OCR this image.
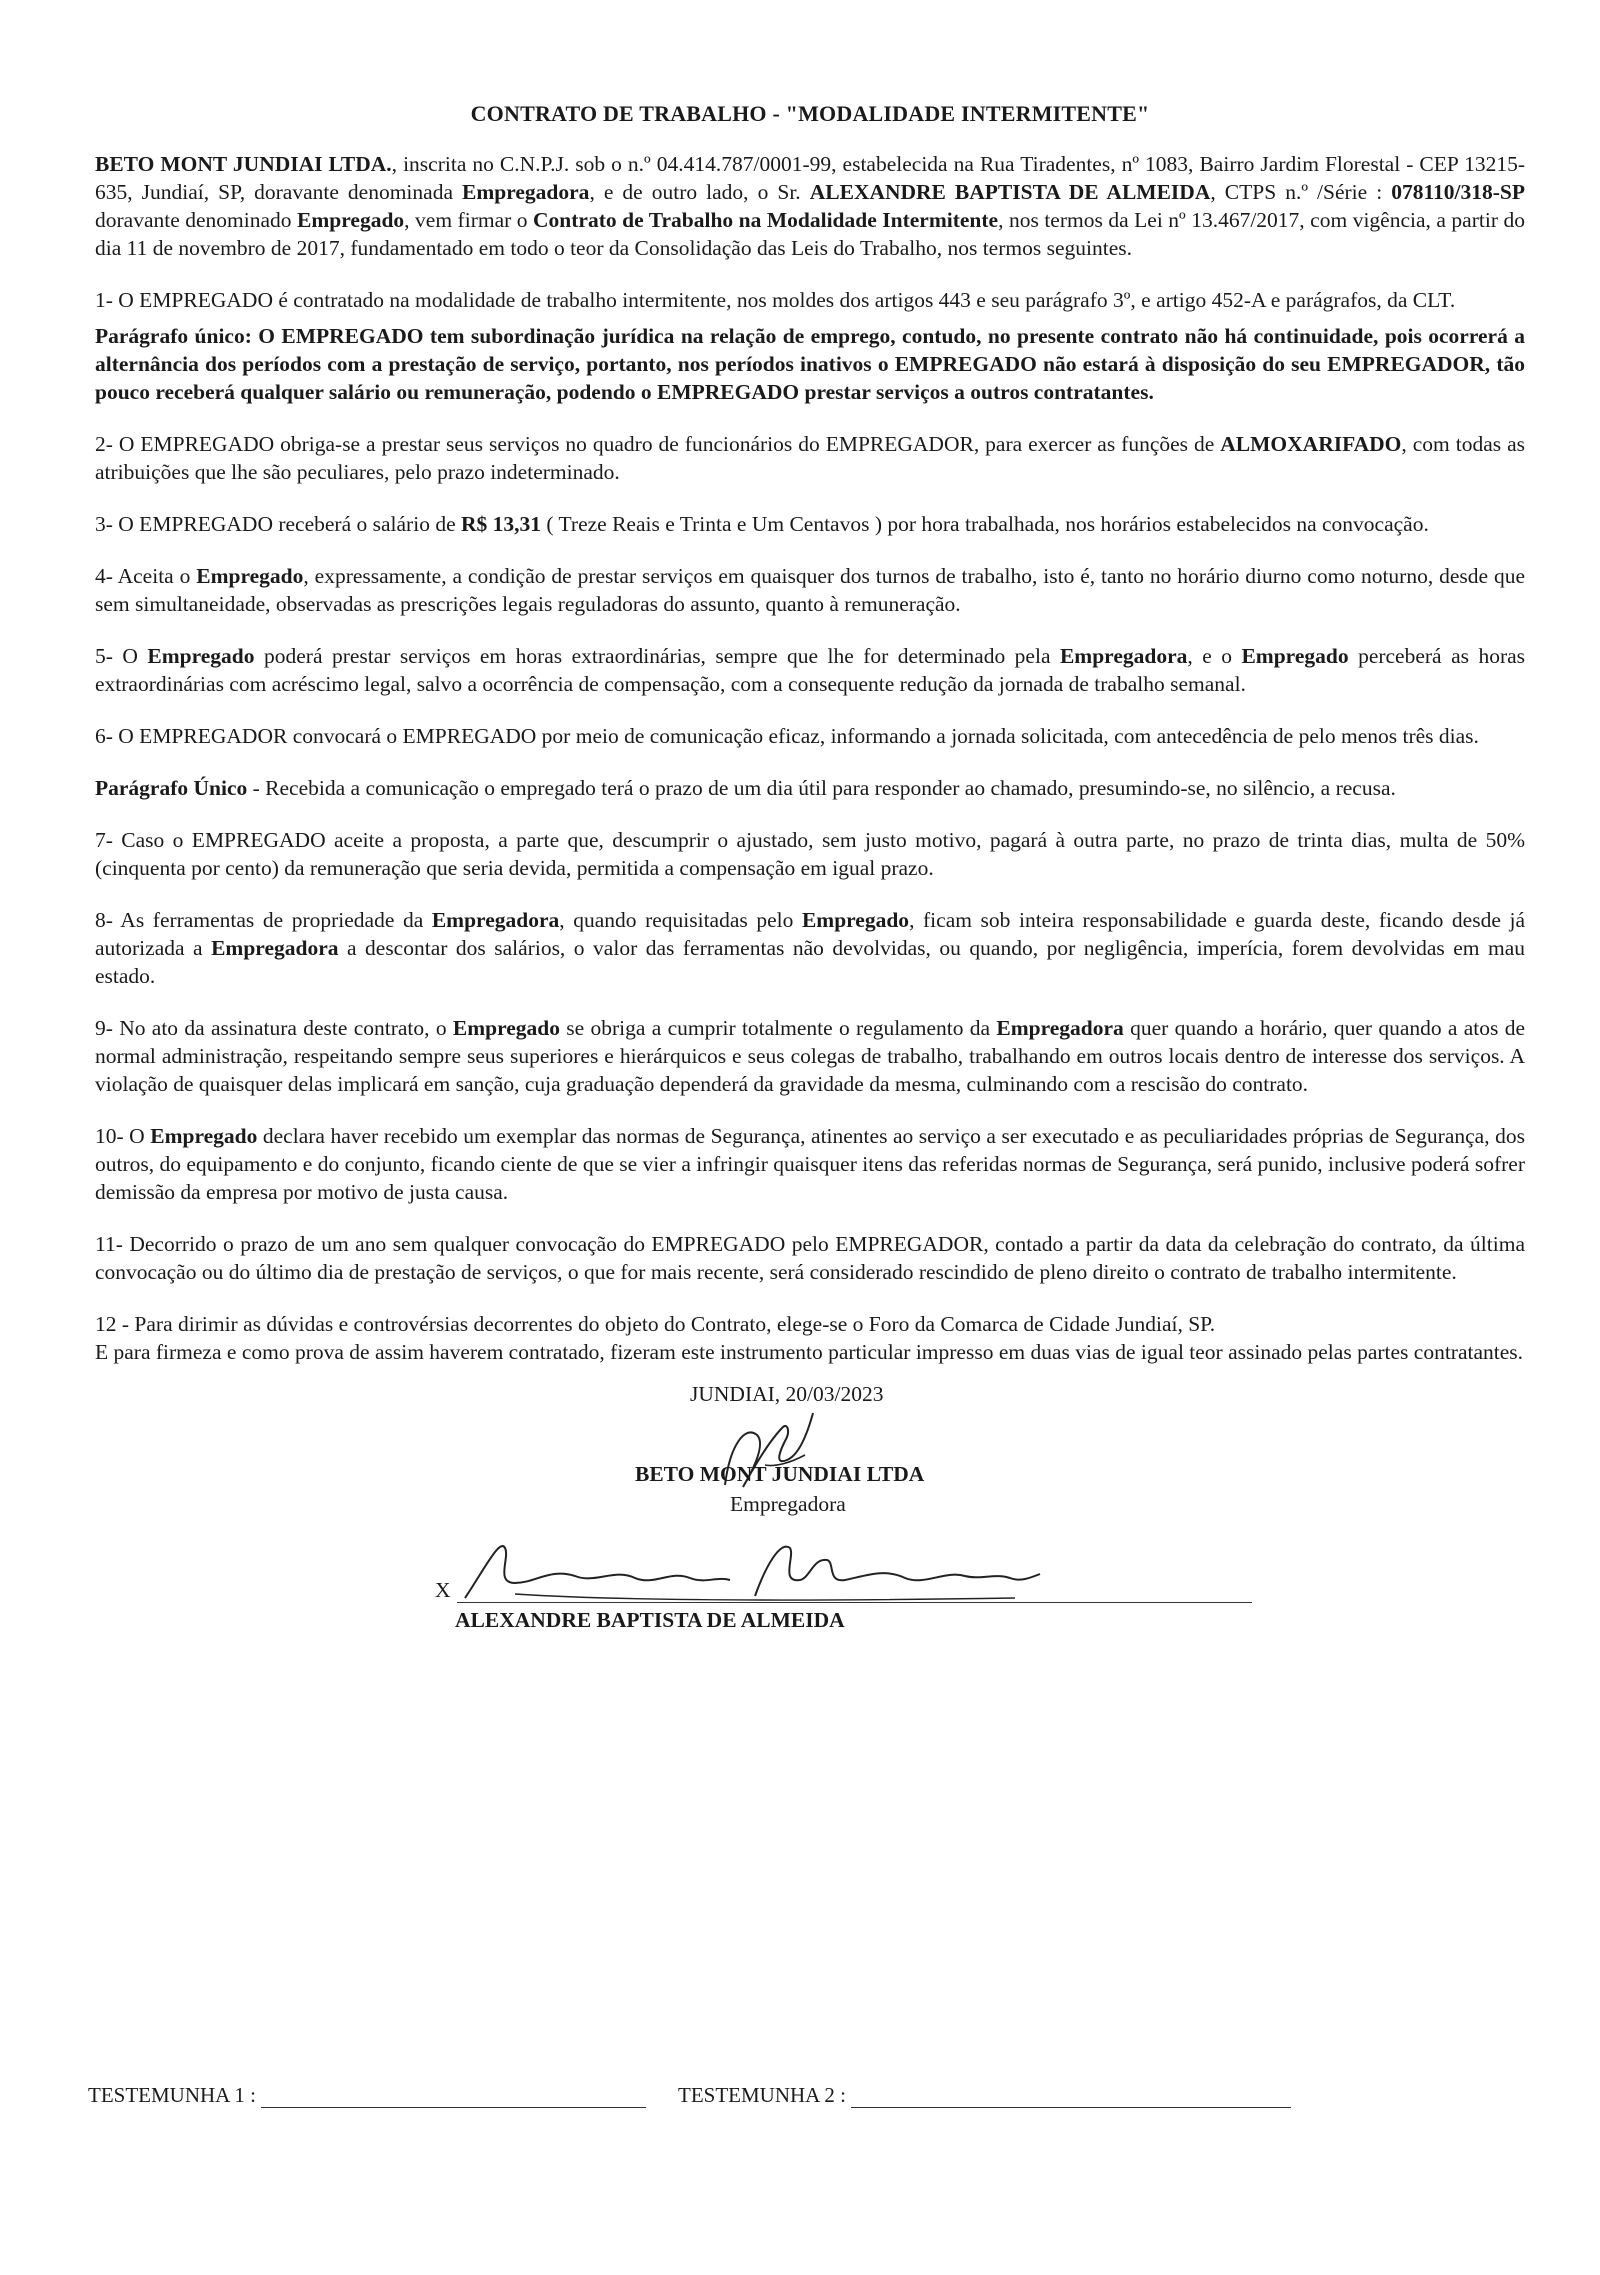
CONTRATO DE TRABALHO - "MODALIDADE INTERMITENTE"

BETO MONT JUNDIAI LTDA., inscrita no C.N.P.J. sob o n.º 04.414.787/0001-99, estabelecida na Rua Tiradentes, nº 1083, Bairro Jardim Florestal - CEP 13215-635, Jundiaí, SP, doravante denominada Empregadora, e de outro lado, o Sr. ALEXANDRE BAPTISTA DE ALMEIDA, CTPS n.º /Série : 078110/318-SP doravante denominado Empregado, vem firmar o Contrato de Trabalho na Modalidade Intermitente, nos termos da Lei nº 13.467/2017, com vigência, a partir do dia 11 de novembro de 2017, fundamentado em todo o teor da Consolidação das Leis do Trabalho, nos termos seguintes.

1- O EMPREGADO é contratado na modalidade de trabalho intermitente, nos moldes dos artigos 443 e seu parágrafo 3º, e artigo 452-A e parágrafos, da CLT.

Parágrafo único: O EMPREGADO tem subordinação jurídica na relação de emprego, contudo, no presente contrato não há continuidade, pois ocorrerá a alternância dos períodos com a prestação de serviço, portanto, nos períodos inativos o EMPREGADO não estará à disposição do seu EMPREGADOR, tão pouco receberá qualquer salário ou remuneração, podendo o EMPREGADO prestar serviços a outros contratantes.

2- O EMPREGADO obriga-se a prestar seus serviços no quadro de funcionários do EMPREGADOR, para exercer as funções de ALMOXARIFADO, com todas as atribuições que lhe são peculiares, pelo prazo indeterminado.

3- O EMPREGADO receberá o salário de R$ 13,31 ( Treze Reais e Trinta e Um Centavos ) por hora trabalhada, nos horários estabelecidos na convocação.

4- Aceita o Empregado, expressamente, a condição de prestar serviços em quaisquer dos turnos de trabalho, isto é, tanto no horário diurno como noturno, desde que sem simultaneidade, observadas as prescrições legais reguladoras do assunto, quanto à remuneração.

5- O Empregado poderá prestar serviços em horas extraordinárias, sempre que lhe for determinado pela Empregadora, e o Empregado perceberá as horas extraordinárias com acréscimo legal, salvo a ocorrência de compensação, com a consequente redução da jornada de trabalho semanal.

6- O EMPREGADOR convocará o EMPREGADO por meio de comunicação eficaz, informando a jornada solicitada, com antecedência de pelo menos três dias.

Parágrafo Único - Recebida a comunicação o empregado terá o prazo de um dia útil para responder ao chamado, presumindo-se, no silêncio, a recusa.

7- Caso o EMPREGADO aceite a proposta, a parte que, descumprir o ajustado, sem justo motivo, pagará à outra parte, no prazo de trinta dias, multa de 50% (cinquenta por cento) da remuneração que seria devida, permitida a compensação em igual prazo.

8- As ferramentas de propriedade da Empregadora, quando requisitadas pelo Empregado, ficam sob inteira responsabilidade e guarda deste, ficando desde já autorizada a Empregadora a descontar dos salários, o valor das ferramentas não devolvidas, ou quando, por negligência, imperícia, forem devolvidas em mau estado.

9- No ato da assinatura deste contrato, o Empregado se obriga a cumprir totalmente o regulamento da Empregadora quer quando a horário, quer quando a atos de normal administração, respeitando sempre seus superiores e hierárquicos e seus colegas de trabalho, trabalhando em outros locais dentro de interesse dos serviços. A violação de quaisquer delas implicará em sanção, cuja graduação dependerá da gravidade da mesma, culminando com a rescisão do contrato.

10- O Empregado declara haver recebido um exemplar das normas de Segurança, atinentes ao serviço a ser executado e as peculiaridades próprias de Segurança, dos outros, do equipamento e do conjunto, ficando ciente de que se vier a infringir quaisquer itens das referidas normas de Segurança, será punido, inclusive poderá sofrer demissão da empresa por motivo de justa causa.

11- Decorrido o prazo de um ano sem qualquer convocação do EMPREGADO pelo EMPREGADOR, contado a partir da data da celebração do contrato, da última convocação ou do último dia de prestação de serviços, o que for mais recente, será considerado rescindido de pleno direito o contrato de trabalho intermitente.

12 - Para dirimir as dúvidas e controvérsias decorrentes do objeto do Contrato, elege-se o Foro da Comarca de Cidade Jundiaí, SP.

E para firmeza e como prova de assim haverem contratado, fizeram este instrumento particular impresso em duas vias de igual teor assinado pelas partes contratantes.

JUNDIAI, 20/03/2023
BETO MONT JUNDIAI LTDA
Empregadora
X
ALEXANDRE BAPTISTA DE ALMEIDA
TESTEMUNHA 1 :	TESTEMUNHA 2 :
